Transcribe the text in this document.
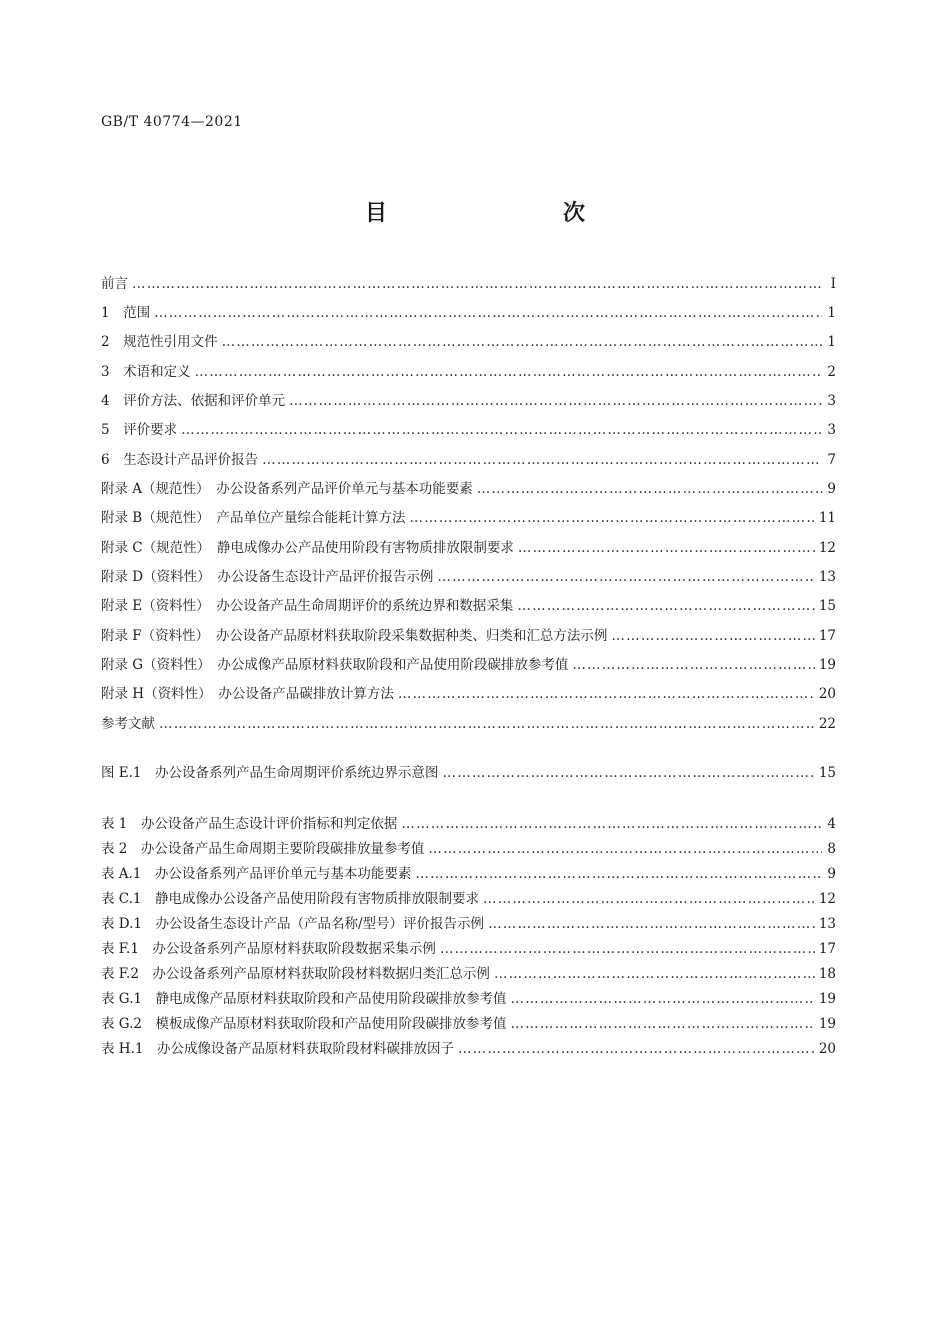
GB/T 40774—2021
目　　次
前言 ……………………………………………………………………………………………………………………………………………………………………………………………………………………………………	Ⅰ
1　范围 ……………………………………………………………………………………………………………………………………………………………………………………………………………………………………	1
2　规范性引用文件 ……………………………………………………………………………………………………………………………………………………………………………………………………………………………………	1
3　术语和定义 ……………………………………………………………………………………………………………………………………………………………………………………………………………………………………	2
4　评价方法、依据和评价单元 ……………………………………………………………………………………………………………………………………………………………………………………………………………………………………	3
5　评价要求 ……………………………………………………………………………………………………………………………………………………………………………………………………………………………………	3
6　生态设计产品评价报告 ……………………………………………………………………………………………………………………………………………………………………………………………………………………………………	7
附录 A（规范性）　办公设备系列产品评价单元与基本功能要素 ……………………………………………………………………………………………………………………………………………………………………………………………………………………………………	9
附录 B（规范性）　产品单位产量综合能耗计算方法 ……………………………………………………………………………………………………………………………………………………………………………………………………………………………………	11
附录 C（规范性）　静电成像办公产品使用阶段有害物质排放限制要求 ……………………………………………………………………………………………………………………………………………………………………………………………………………………………………	12
附录 D（资料性）　办公设备生态设计产品评价报告示例 ……………………………………………………………………………………………………………………………………………………………………………………………………………………………………	13
附录 E（资料性）　办公设备产品生命周期评价的系统边界和数据采集 ……………………………………………………………………………………………………………………………………………………………………………………………………………………………………	15
附录 F（资料性）　办公设备产品原材料获取阶段采集数据种类、归类和汇总方法示例 ……………………………………………………………………………………………………………………………………………………………………………………………………………………………………	17
附录 G（资料性）　办公成像产品原材料获取阶段和产品使用阶段碳排放参考值 ……………………………………………………………………………………………………………………………………………………………………………………………………………………………………	19
附录 H（资料性）　办公设备产品碳排放计算方法 ……………………………………………………………………………………………………………………………………………………………………………………………………………………………………	20
参考文献 ……………………………………………………………………………………………………………………………………………………………………………………………………………………………………	22
图 E.1　办公设备系列产品生命周期评价系统边界示意图 ……………………………………………………………………………………………………………………………………………………………………………………………………………………………………	15
表 1　办公设备产品生态设计评价指标和判定依据 ……………………………………………………………………………………………………………………………………………………………………………………………………………………………………	4
表 2　办公设备产品生命周期主要阶段碳排放量参考值 ……………………………………………………………………………………………………………………………………………………………………………………………………………………………………	8
表 A.1　办公设备系列产品评价单元与基本功能要素 ……………………………………………………………………………………………………………………………………………………………………………………………………………………………………	9
表 C.1　静电成像办公设备产品使用阶段有害物质排放限制要求 ……………………………………………………………………………………………………………………………………………………………………………………………………………………………………	12
表 D.1　办公设备生态设计产品（产品名称/型号）评价报告示例 ……………………………………………………………………………………………………………………………………………………………………………………………………………………………………	13
表 F.1　办公设备系列产品原材料获取阶段数据采集示例 ……………………………………………………………………………………………………………………………………………………………………………………………………………………………………	17
表 F.2　办公设备系列产品原材料获取阶段材料数据归类汇总示例 ……………………………………………………………………………………………………………………………………………………………………………………………………………………………………	18
表 G.1　静电成像产品原材料获取阶段和产品使用阶段碳排放参考值 ……………………………………………………………………………………………………………………………………………………………………………………………………………………………………	19
表 G.2　模板成像产品原材料获取阶段和产品使用阶段碳排放参考值 ……………………………………………………………………………………………………………………………………………………………………………………………………………………………………	19
表 H.1　办公成像设备产品原材料获取阶段材料碳排放因子 ……………………………………………………………………………………………………………………………………………………………………………………………………………………………………	20
